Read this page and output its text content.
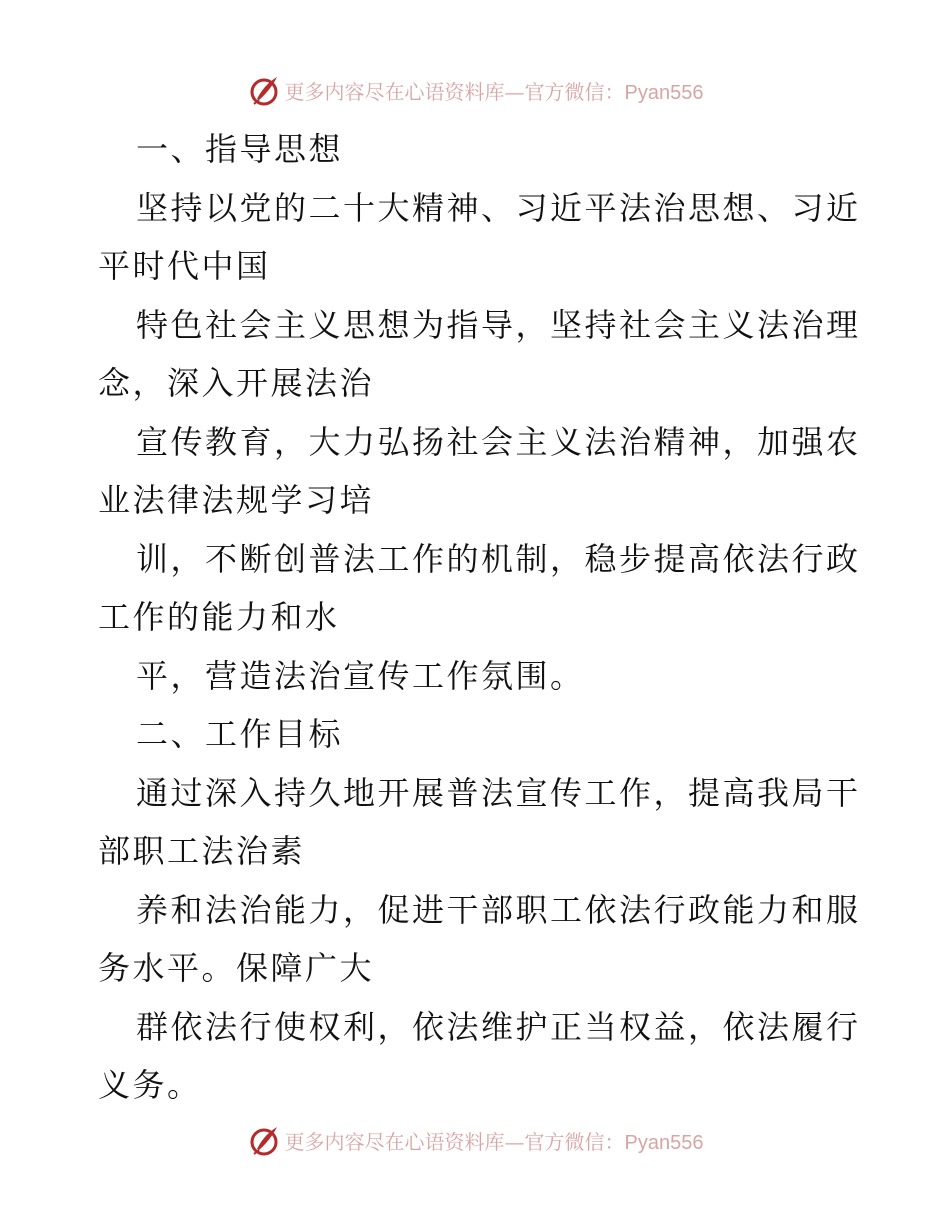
更多内容尽在心语资料库—官方微信：Pyan556

一、指导思想

坚持以党的二十大精神、习近平法治思想、习近

平时代中国

特色社会主义思想为指导，坚持社会主义法治理

念，深入开展法治

宣传教育，大力弘扬社会主义法治精神，加强农

业法律法规学习培

训，不断创普法工作的机制，稳步提高依法行政

工作的能力和水

平，营造法治宣传工作氛围。

二、工作目标

通过深入持久地开展普法宣传工作，提高我局干

部职工法治素

养和法治能力，促进干部职工依法行政能力和服

务水平。保障广大

群依法行使权利，依法维护正当权益，依法履行

义务。

更多内容尽在心语资料库—官方微信：Pyan556
